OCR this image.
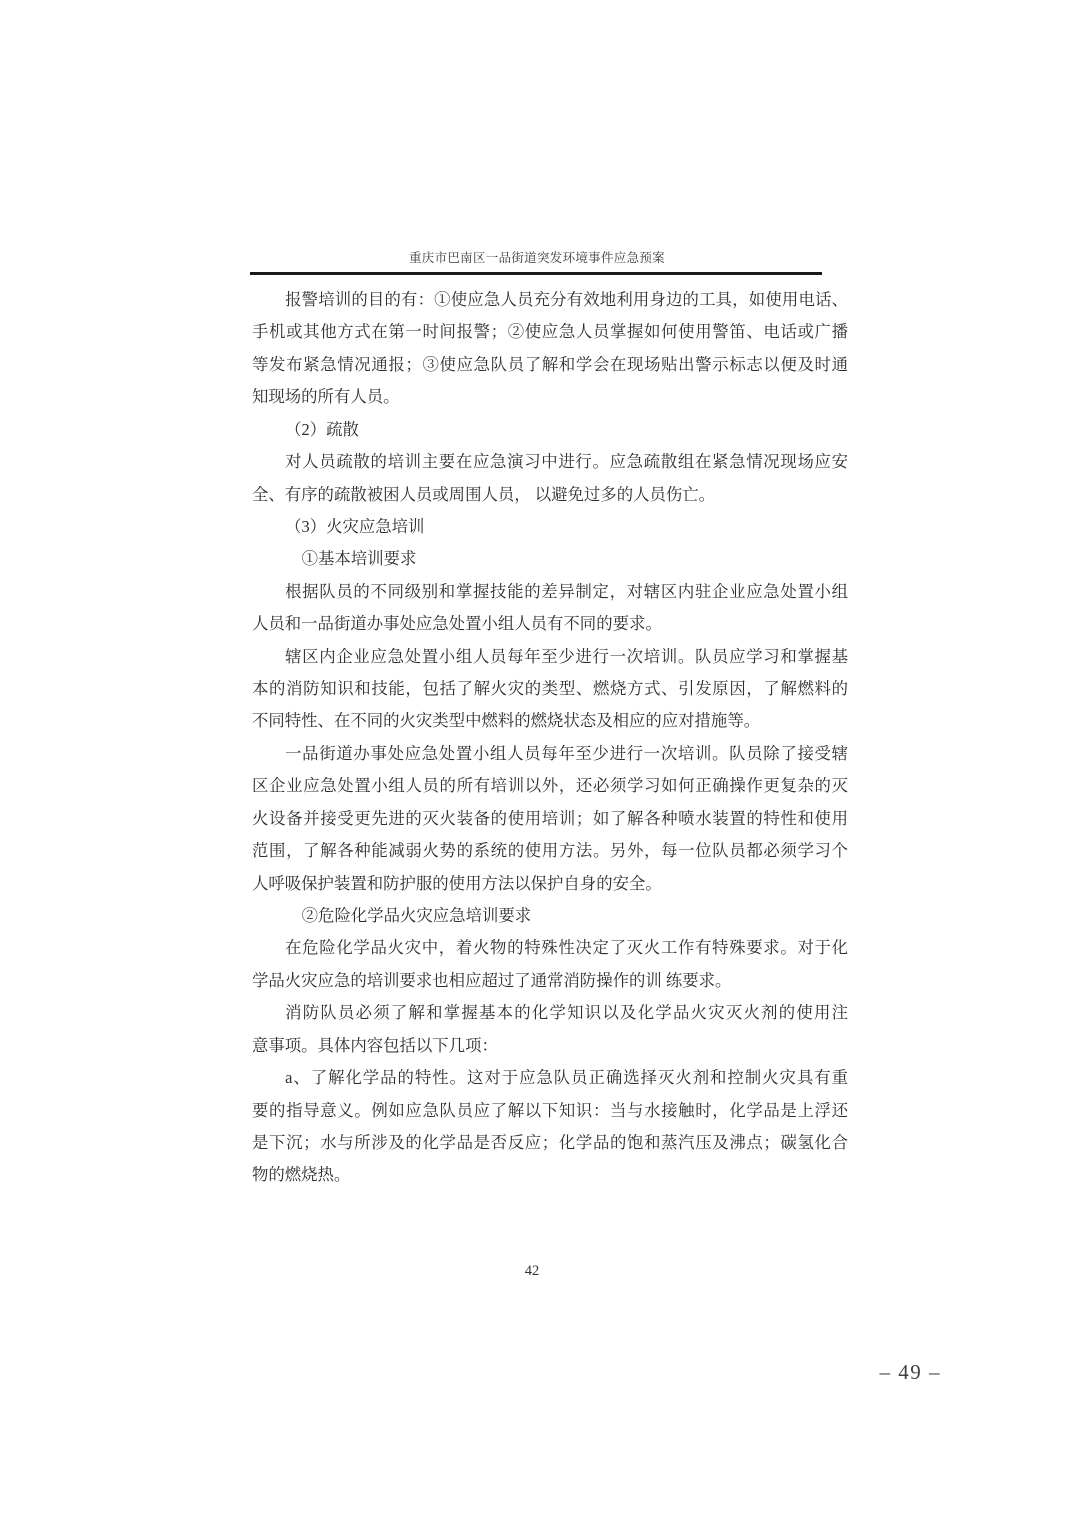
重庆市巴南区一品街道突发环境事件应急预案
报警培训的目的有：①使应急人员充分有效地利用身边的工具，如使用电话、
手机或其他方式在第一时间报警；②使应急人员掌握如何使用警笛、电话或广播
等发布紧急情况通报；③使应急队员了解和学会在现场贴出警示标志以便及时通
知现场的所有人员。
（2）疏散
对人员疏散的培训主要在应急演习中进行。应急疏散组在紧急情况现场应安
全、有序的疏散被困人员或周围人员， 以避免过多的人员伤亡。
（3）火灾应急培训
①基本培训要求
根据队员的不同级别和掌握技能的差异制定，对辖区内驻企业应急处置小组
人员和一品街道办事处应急处置小组人员有不同的要求。
辖区内企业应急处置小组人员每年至少进行一次培训。队员应学习和掌握基
本的消防知识和技能，包括了解火灾的类型、燃烧方式、引发原因，了解燃料的
不同特性、在不同的火灾类型中燃料的燃烧状态及相应的应对措施等。
一品街道办事处应急处置小组人员每年至少进行一次培训。队员除了接受辖
区企业应急处置小组人员的所有培训以外，还必须学习如何正确操作更复杂的灭
火设备并接受更先进的灭火装备的使用培训；如了解各种喷水装置的特性和使用
范围，了解各种能减弱火势的系统的使用方法。另外，每一位队员都必须学习个
人呼吸保护装置和防护服的使用方法以保护自身的安全。
②危险化学品火灾应急培训要求
在危险化学品火灾中，着火物的特殊性决定了灭火工作有特殊要求。对于化
学品火灾应急的培训要求也相应超过了通常消防操作的训 练要求。
消防队员必须了解和掌握基本的化学知识以及化学品火灾灭火剂的使用注
意事项。具体内容包括以下几项：
a、了解化学品的特性。这对于应急队员正确选择灭火剂和控制火灾具有重
要的指导意义。例如应急队员应了解以下知识：当与水接触时，化学品是上浮还
是下沉；水与所涉及的化学品是否反应；化学品的饱和蒸汽压及沸点；碳氢化合
物的燃烧热。
42
– 49 –
